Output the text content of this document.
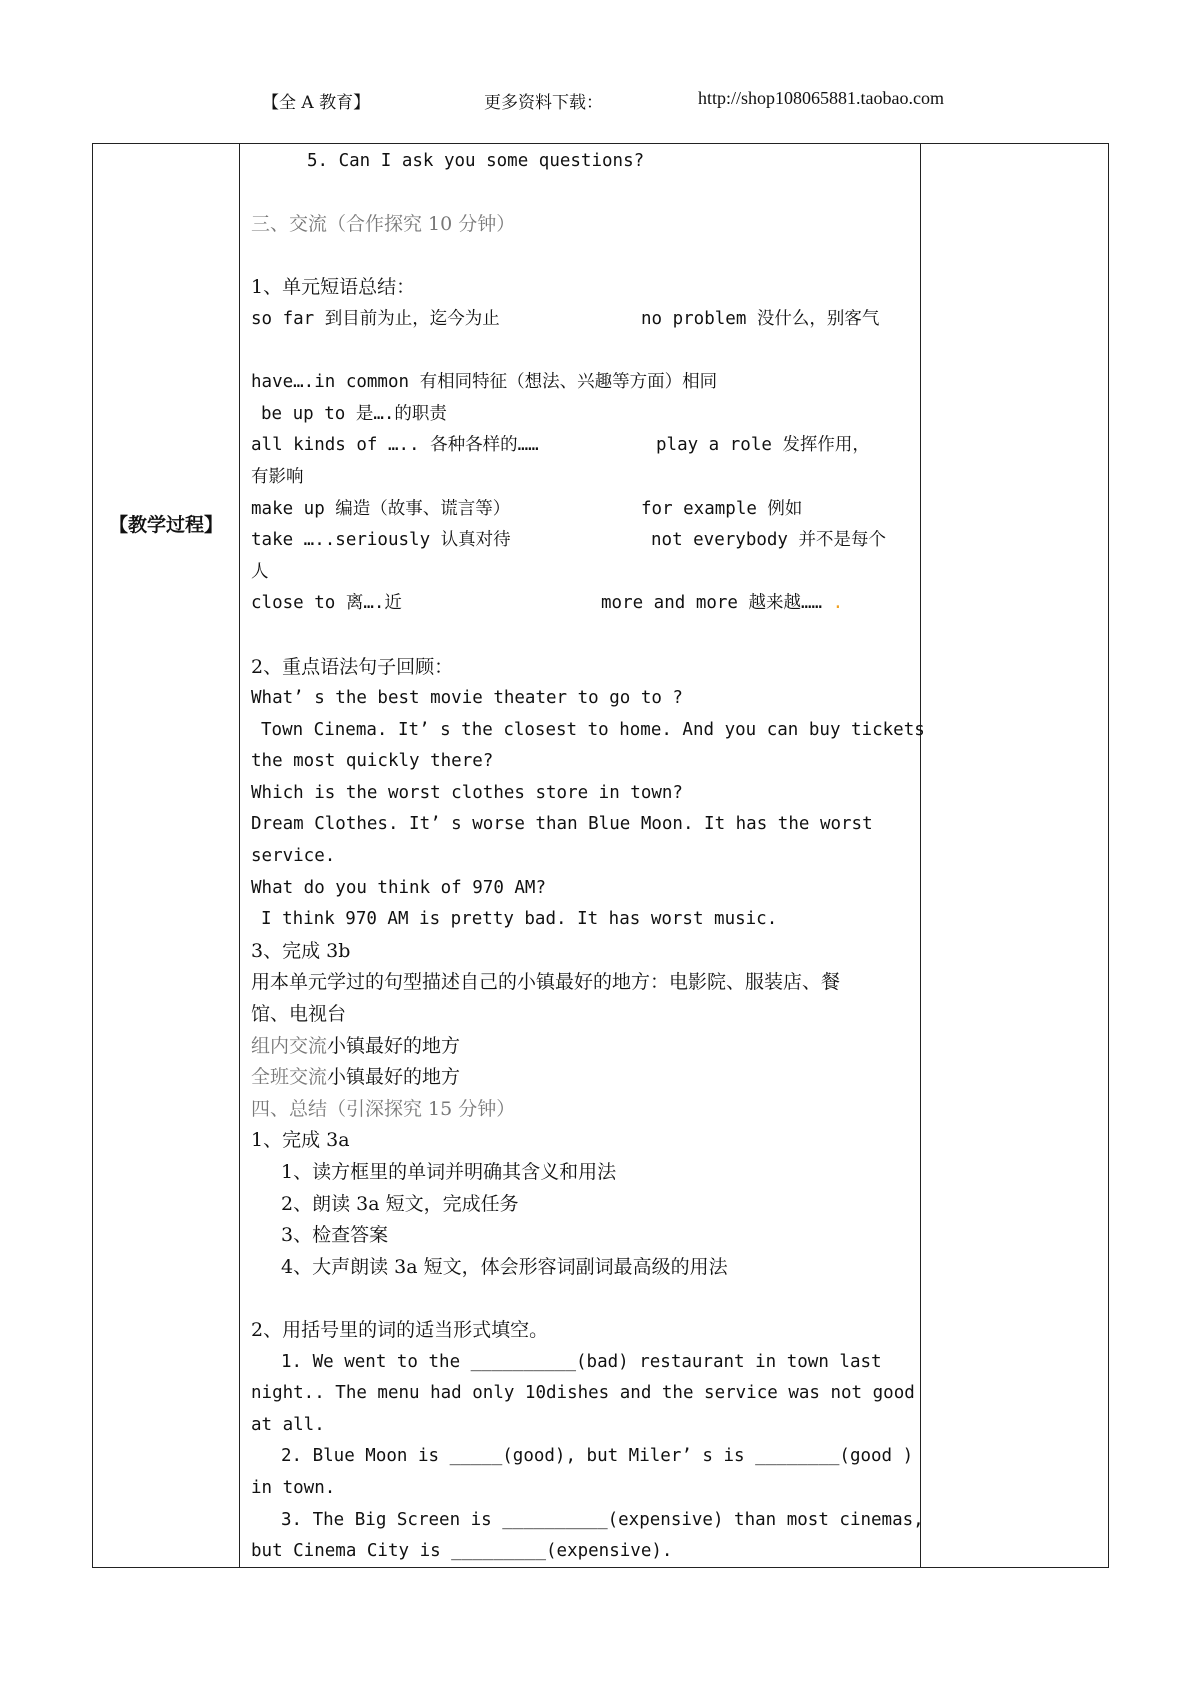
【全 A 教育】	更多资料下载：	http://shop108065881.taobao.com
【教学过程】
5. Can I ask you some questions?
三、交流（合作探究 10 分钟）
1、单元短语总结：
so far 到目前为止，迄今为止	no problem 没什么，别客气
have….in common 有相同特征（想法、兴趣等方面）相同
be up to 是….的职责
all kinds of ….. 各种各样的……	play a role 发挥作用，
有影响
make up 编造（故事、谎言等）	for example 例如
take …..seriously 认真对待	not everybody 并不是每个
人
close to 离….近	more and more 越来越…… .
2、重点语法句子回顾：
What’ s the best movie theater to go to ?
Town Cinema. It’ s the closest to home. And you can buy tickets
the most quickly there?
Which is the worst clothes store in town?
Dream Clothes. It’ s worse than Blue Moon. It has the worst
service.
What do you think of 970 AM?
I think 970 AM is pretty bad. It has worst music.
3、完成 3b
用本单元学过的句型描述自己的小镇最好的地方：电影院、服装店、餐
馆、电视台
组内交流小镇最好的地方
全班交流小镇最好的地方
四、总结（引深探究 15 分钟）
1、完成 3a
1、读方框里的单词并明确其含义和用法
2、朗读 3a 短文，完成任务
3、检查答案
4、大声朗读 3a 短文，体会形容词副词最高级的用法
2、用括号里的词的适当形式填空。
1. We went to the __________(bad) restaurant in town last
night.. The menu had only 10dishes and the service was not good
at all.
2. Blue Moon is _____(good), but Miler’ s is ________(good )
in town.
3. The Big Screen is __________(expensive) than most cinemas,
but Cinema City is _________(expensive).
